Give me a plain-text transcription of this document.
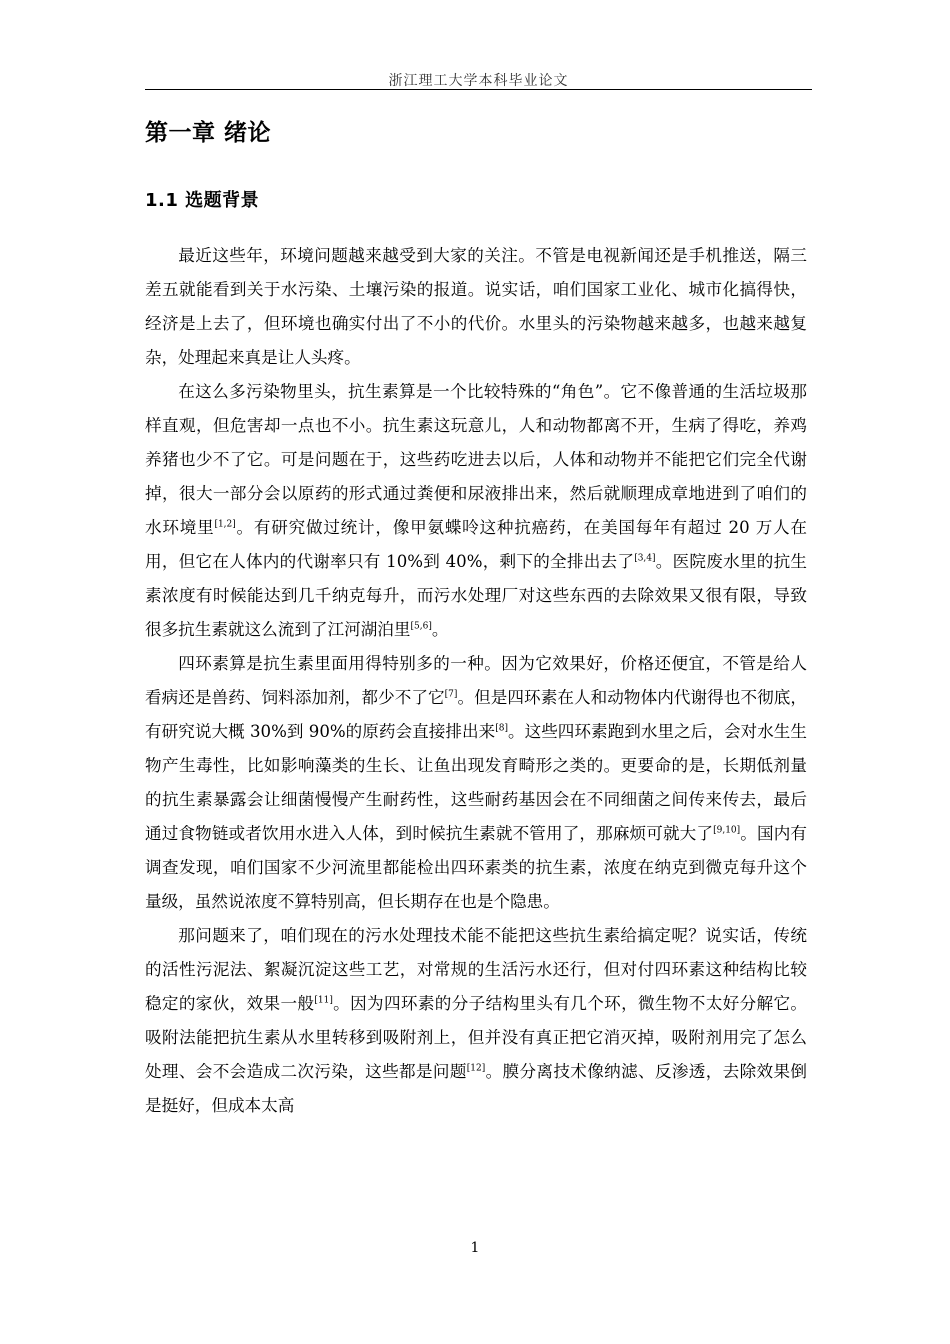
浙江理工大学本科毕业论文
第一章 绪论
1.1 选题背景

最近这些年，环境问题越来越受到大家的关注。不管是电视新闻还是手机推送，隔三差五就能看到关于水污染、土壤污染的报道。说实话，咱们国家工业化、城市化搞得快，经济是上去了，但环境也确实付出了不小的代价。水里头的污染物越来越多，也越来越复杂，处理起来真是让人头疼。

在这么多污染物里头，抗生素算是一个比较特殊的“角色”。它不像普通的生活垃圾那样直观，但危害却一点也不小。抗生素这玩意儿，人和动物都离不开，生病了得吃，养鸡养猪也少不了它。可是问题在于，这些药吃进去以后，人体和动物并不能把它们完全代谢掉，很大一部分会以原药的形式通过粪便和尿液排出来，然后就顺理成章地进到了咱们的水环境里[1,2]。有研究做过统计，像甲氨蝶呤这种抗癌药，在美国每年有超过 20 万人在用，但它在人体内的代谢率只有 10%到 40%，剩下的全排出去了[3,4]。医院废水里的抗生素浓度有时候能达到几千纳克每升，而污水处理厂对这些东西的去除效果又很有限，导致很多抗生素就这么流到了江河湖泊里[5,6]。

四环素算是抗生素里面用得特别多的一种。因为它效果好，价格还便宜，不管是给人看病还是兽药、饲料添加剂，都少不了它[7]。但是四环素在人和动物体内代谢得也不彻底，有研究说大概 30%到 90%的原药会直接排出来[8]。这些四环素跑到水里之后，会对水生生物产生毒性，比如影响藻类的生长、让鱼出现发育畸形之类的。更要命的是，长期低剂量的抗生素暴露会让细菌慢慢产生耐药性，这些耐药基因会在不同细菌之间传来传去，最后通过食物链或者饮用水进入人体，到时候抗生素就不管用了，那麻烦可就大了[9,10]。国内有调查发现，咱们国家不少河流里都能检出四环素类的抗生素，浓度在纳克到微克每升这个量级，虽然说浓度不算特别高，但长期存在也是个隐患。

那问题来了，咱们现在的污水处理技术能不能把这些抗生素给搞定呢？说实话，传统的活性污泥法、絮凝沉淀这些工艺，对常规的生活污水还行，但对付四环素这种结构比较稳定的家伙，效果一般[11]。因为四环素的分子结构里头有几个环，微生物不太好分解它。吸附法能把抗生素从水里转移到吸附剂上，但并没有真正把它消灭掉，吸附剂用完了怎么处理、会不会造成二次污染，这些都是问题[12]。膜分离技术像纳滤、反渗透，去除效果倒是挺好，但成本太高

1
